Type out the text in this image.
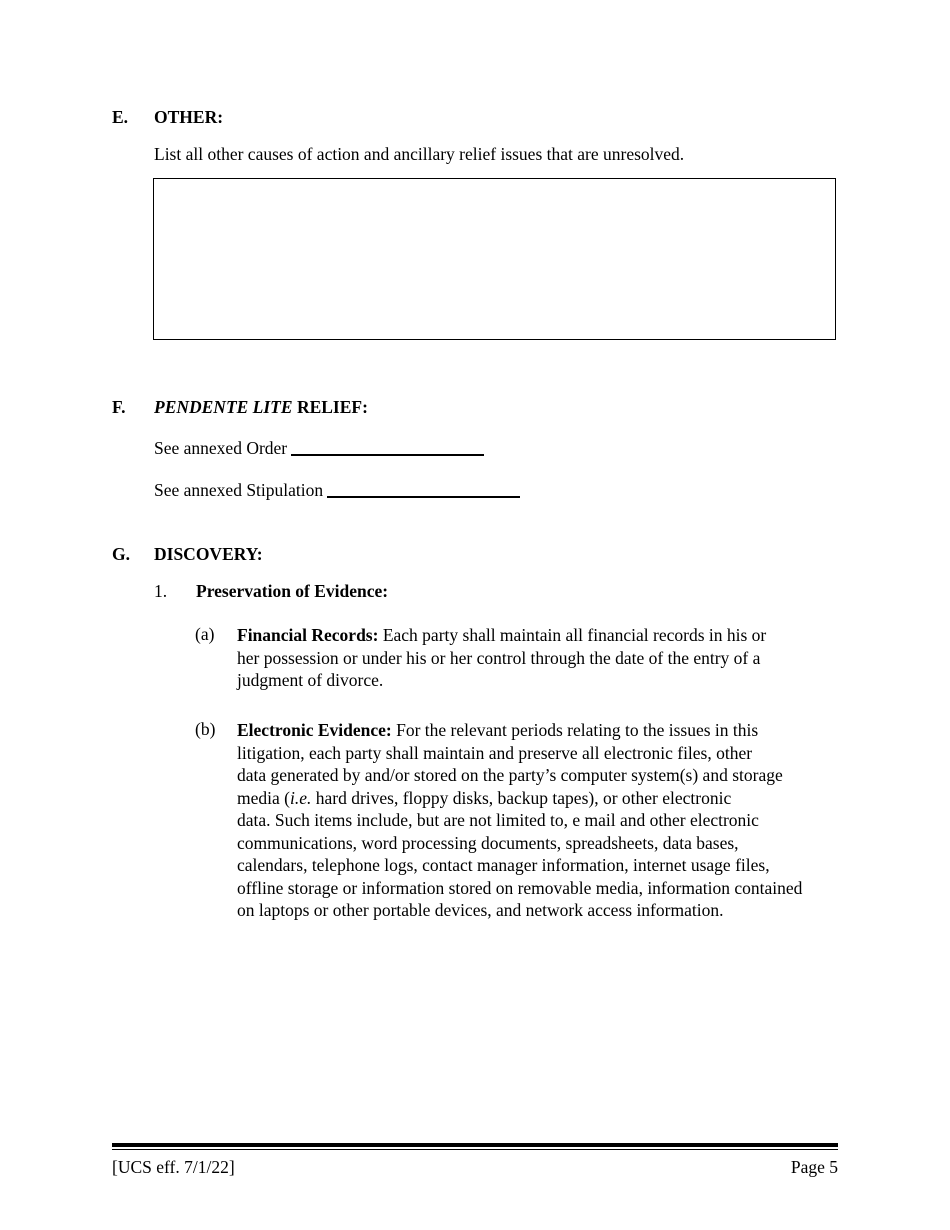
E. OTHER:
List all other causes of action and ancillary relief issues that are unresolved.
F. PENDENTE LITE RELIEF:
See annexed Order
See annexed Stipulation
G. DISCOVERY:
1. Preservation of Evidence:
(a) Financial Records: Each party shall maintain all financial records in his or
her possession or under his or her control through the date of the entry of a
judgment of divorce.
(b) Electronic Evidence: For the relevant periods relating to the issues in this
litigation, each party shall maintain and preserve all electronic files, other
data generated by and/or stored on the party’s computer system(s) and storage
media (i.e. hard drives, floppy disks, backup tapes), or other electronic
data. Such items include, but are not limited to, e mail and other electronic
communications, word processing documents, spreadsheets, data bases,
calendars, telephone logs, contact manager information, internet usage files,
offline storage or information stored on removable media, information contained
on laptops or other portable devices, and network access information.
[UCS eff. 7/1/22]	Page 5
